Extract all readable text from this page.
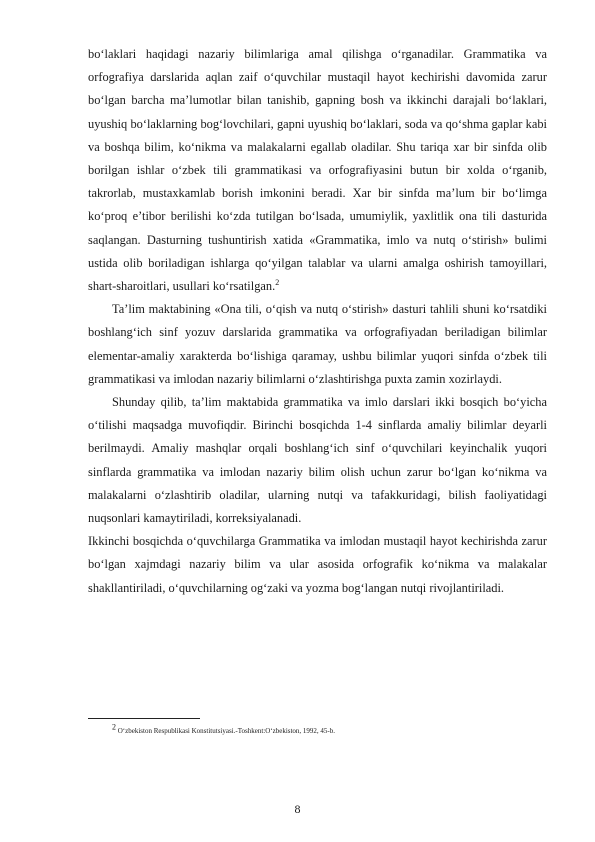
bo‘laklari haqidagi nazariy bilimlariga amal qilishga o‘rganadilar. Grammatika va orfografiya darslarida aqlan zaif o‘quvchilar mustaqil hayot kechirishi davomida zarur bo‘lgan barcha ma’lumotlar bilan tanishib, gapning bosh va ikkinchi darajali bo‘laklari, uyushiq bo‘laklarning bog‘lovchilari, gapni uyushiq bo‘laklari, soda va qo‘shma gaplar kabi va boshqa bilim, ko‘nikma va malakalarni egallab oladilar. Shu tariqa xar bir sinfda olib borilgan ishlar o‘zbek tili grammatikasi va orfografiyasini butun bir xolda o‘rganib, takrorlab, mustaxkamlab borish imkonini beradi. Xar bir sinfda ma’lum bir bo‘limga ko‘proq e’tibor berilishi ko‘zda tutilgan bo‘lsada, umumiylik, yaxlitlik ona tili dasturida saqlangan. Dasturning tushuntirish xatida «Grammatika, imlo va nutq o‘stirish» bulimi ustida olib boriladigan ishlarga qo‘yilgan talablar va ularni amalga oshirish tamoyillari, shart-sharoitlari, usullari ko‘rsatilgan.$^2$

Ta’lim maktabining «Ona tili, o‘qish va nutq o‘stirish» dasturi tahlili shuni ko‘rsatdiki boshlang‘ich sinf yozuv darslarida grammatika va orfografiyadan beriladigan bilimlar elementar-amaliy xarakterda bo‘lishiga qaramay, ushbu bilimlar yuqori sinfda o‘zbek tili grammatikasi va imlodan nazariy bilimlarni o‘zlashtirishga puxta zamin xozirlaydi.

Shunday qilib, ta’lim maktabida grammatika va imlo darslari ikki bosqich bo‘yicha o‘tilishi maqsadga muvofiqdir. Birinchi bosqichda 1-4 sinflarda amaliy bilimlar deyarli berilmaydi. Amaliy mashqlar orqali boshlang‘ich sinf o‘quvchilari keyinchalik yuqori sinflarda grammatika va imlodan nazariy bilim olish uchun zarur bo‘lgan ko‘nikma va malakalarni o‘zlashtirib oladilar, ularning nutqi va tafakkuridagi, bilish faoliyatidagi nuqsonlari kamaytiriladi, korreksiyalanadi.

Ikkinchi bosqichda o‘quvchilarga Grammatika va imlodan mustaqil hayot kechirishda zarur bo‘lgan xajmdagi nazariy bilim va ular asosida orfografik ko‘nikma va malakalar shakllantiriladi, o‘quvchilarning og‘zaki va yozma bog‘langan nutqi rivojlantiriladi.

$^2$ O‘zbekiston Respublikasi Konstitutsiyasi.-Toshkent:O‘zbekiston, 1992, 45-b.
8
